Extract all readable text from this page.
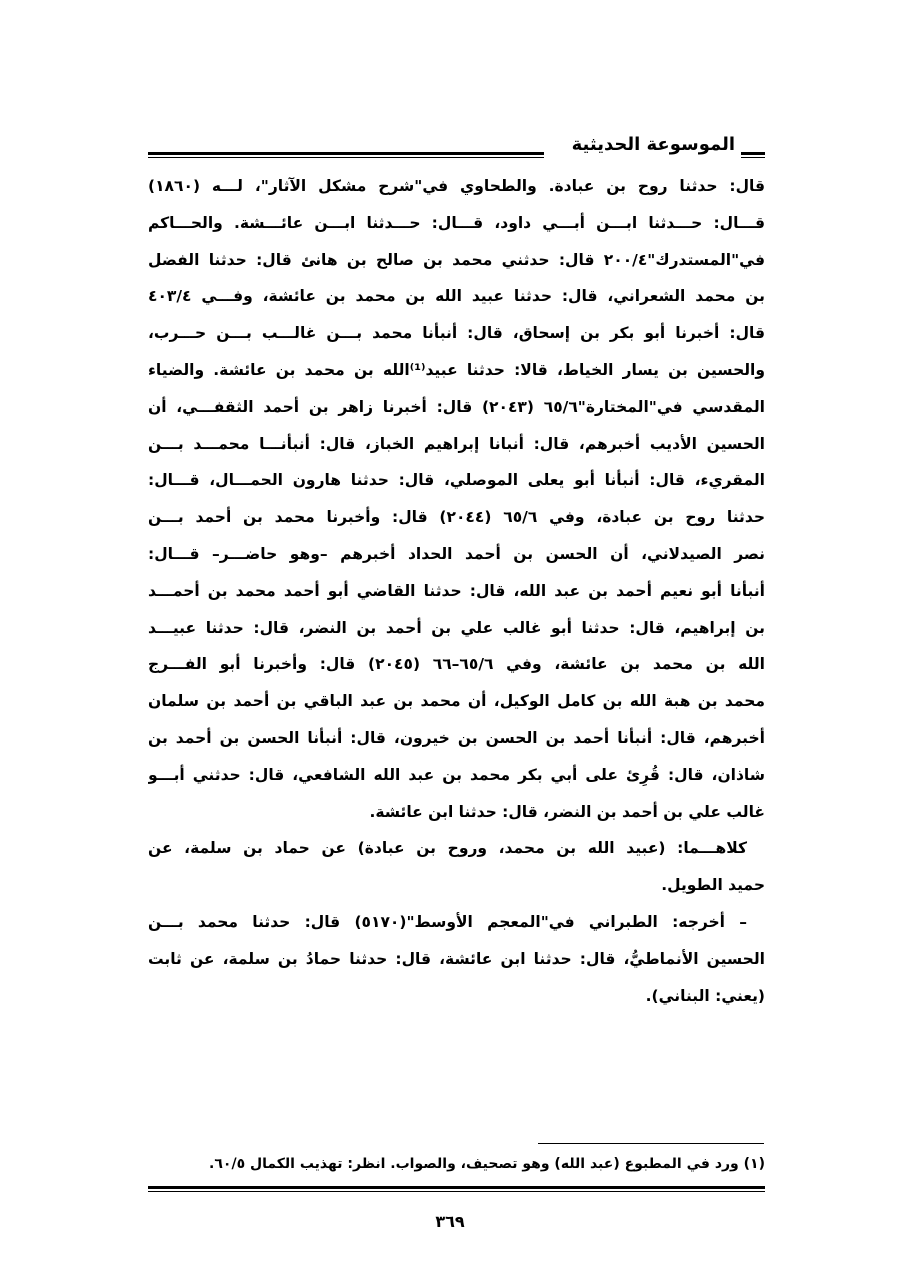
الموسوعة الحديثية
قال: حدثنا روح بن عبادة. والطحاوي في"شرح مشكل الآثار"، لـــه (١٨٦٠)
قـــال: حـــدثنا ابـــن أبـــي داود، قـــال: حـــدثنا ابـــن عائـــشة. والحـــاكم
في"المستدرك"٢٠٠/٤ قال: حدثني محمد بن صالح بن هانئ قال: حدثنا الفضل
بن محمد الشعراني، قال: حدثنا عبيد الله بن محمد بن عائشة، وفـــي ٤٠٣/٤
قال: أخبرنا أبو بكر بن إسحاق، قال: أنبأنا محمد بـــن غالـــب بـــن حـــرب،
والحسين بن يسار الخياط، قالا: حدثنا عبيد⁽¹⁾الله بن محمد بن عائشة. والضياء
المقدسي في"المختارة"٦٥/٦ (٢٠٤٣) قال: أخبرنا زاهر بن أحمد الثقفـــي، أن
الحسين الأديب أخبرهم، قال: أنبانا إبراهيم الخباز، قال: أنبأنـــا محمـــد بـــن
المقريء، قال: أنبأنا أبو يعلى الموصلي، قال: حدثنا هارون الحمـــال، قـــال:
حدثنا روح بن عبادة، وفي ٦٥/٦ (٢٠٤٤) قال: وأخبرنا محمد بن أحمد بـــن
نصر الصيدلاني، أن الحسن بن أحمد الحداد أخبرهم –وهو حاضـــر– قـــال:
أنبأنا أبو نعيم أحمد بن عبد الله، قال: حدثنا القاضي أبو أحمد محمد بن أحمـــد
بن إبراهيم، قال: حدثنا أبو غالب علي بن أحمد بن النضر، قال: حدثنا عبيـــد
الله بن محمد بن عائشة، وفي ٦٥/٦–٦٦ (٢٠٤٥) قال: وأخبرنا أبو الفـــرج
محمد بن هبة الله بن كامل الوكيل، أن محمد بن عبد الباقي بن أحمد بن سلمان
أخبرهم، قال: أنبأنا أحمد بن الحسن بن خيرون، قال: أنبأنا الحسن بن أحمد بن
شاذان، قال: قُرِئ على أبي بكر محمد بن عبد الله الشافعي، قال: حدثني أبـــو
غالب علي بن أحمد بن النضر، قال: حدثنا ابن عائشة.
كلاهـــما: (عبيد الله بن محمد، وروح بن عبادة) عن حماد بن سلمة، عن
حميد الطويل.
– أخرجه: الطبراني في"المعجم الأوسط"(٥١٧٠) قال: حدثنا محمد بـــن
الحسين الأنماطيُّ، قال: حدثنا ابن عائشة، قال: حدثنا حمادُ بن سلمة، عن ثابت
(يعني: البناني).
(١) ورد في المطبوع (عبد الله) وهو تصحيف، والصواب. انظر: تهذيب الكمال ٦٠/٥.
٣٦٩
